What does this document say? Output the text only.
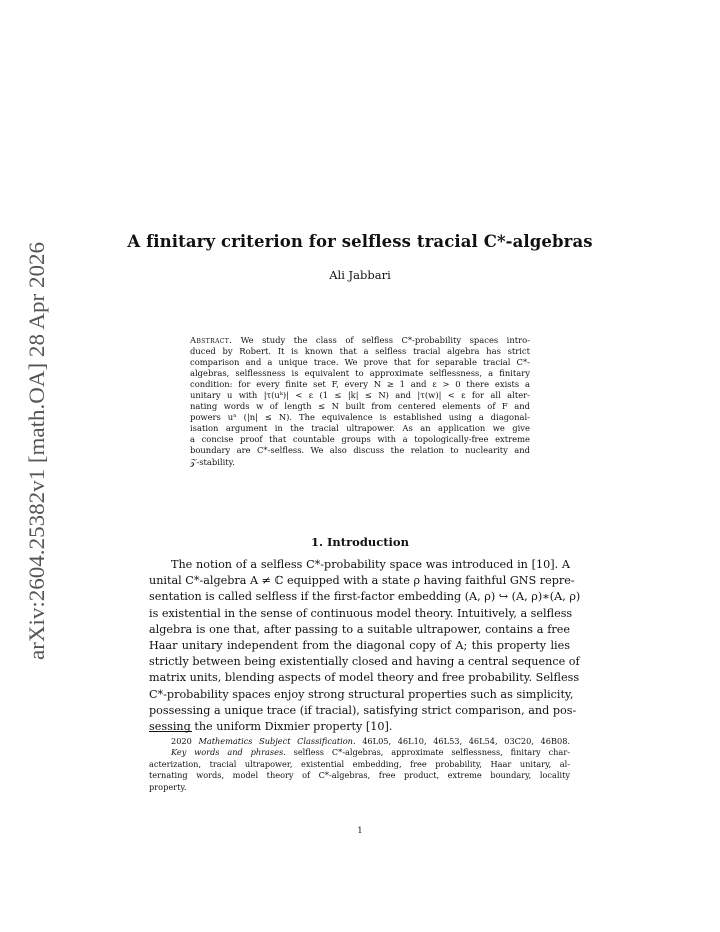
arXiv:2604.25382v1 [math.OA] 28 Apr 2026
A finitary criterion for selfless tracial C*-algebras
Ali Jabbari
Abstract. We study the class of selfless C*-probability spaces intro-
duced by Robert. It is known that a selfless tracial algebra has strict
comparison and a unique trace. We prove that for separable tracial C*-
algebras, selflessness is equivalent to approximate selflessness, a finitary
condition: for every finite set F, every N ≥ 1 and ε > 0 there exists a
unitary u with |τ(uᵏ)| < ε (1 ≤ |k| ≤ N) and |τ(w)| < ε for all alter-
nating words w of length ≤ N built from centered elements of F and
powers uⁿ (|n| ≤ N). The equivalence is established using a diagonal-
isation argument in the tracial ultrapower. As an application we give
a concise proof that countable groups with a topologically-free extreme
boundary are C*-selfless. We also discuss the relation to nuclearity and
𝒵-stability.
1. Introduction
The notion of a selfless C*-probability space was introduced in [10]. A
unital C*-algebra A ≠ ℂ equipped with a state ρ having faithful GNS repre-
sentation is called selfless if the first-factor embedding (A, ρ) ↪ (A, ρ)∗(A, ρ)
is existential in the sense of continuous model theory. Intuitively, a selfless
algebra is one that, after passing to a suitable ultrapower, contains a free
Haar unitary independent from the diagonal copy of A; this property lies
strictly between being existentially closed and having a central sequence of
matrix units, blending aspects of model theory and free probability. Selfless
C*-probability spaces enjoy strong structural properties such as simplicity,
possessing a unique trace (if tracial), satisfying strict comparison, and pos-
sessing the uniform Dixmier property [10].
2020 Mathematics Subject Classification. 46L05, 46L10, 46L53, 46L54, 03C20, 46B08.
Key words and phrases. selfless C*-algebras, approximate selflessness, finitary char-
acterization, tracial ultrapower, existential embedding, free probability, Haar unitary, al-
ternating words, model theory of C*-algebras, free product, extreme boundary, locality
property.
1
